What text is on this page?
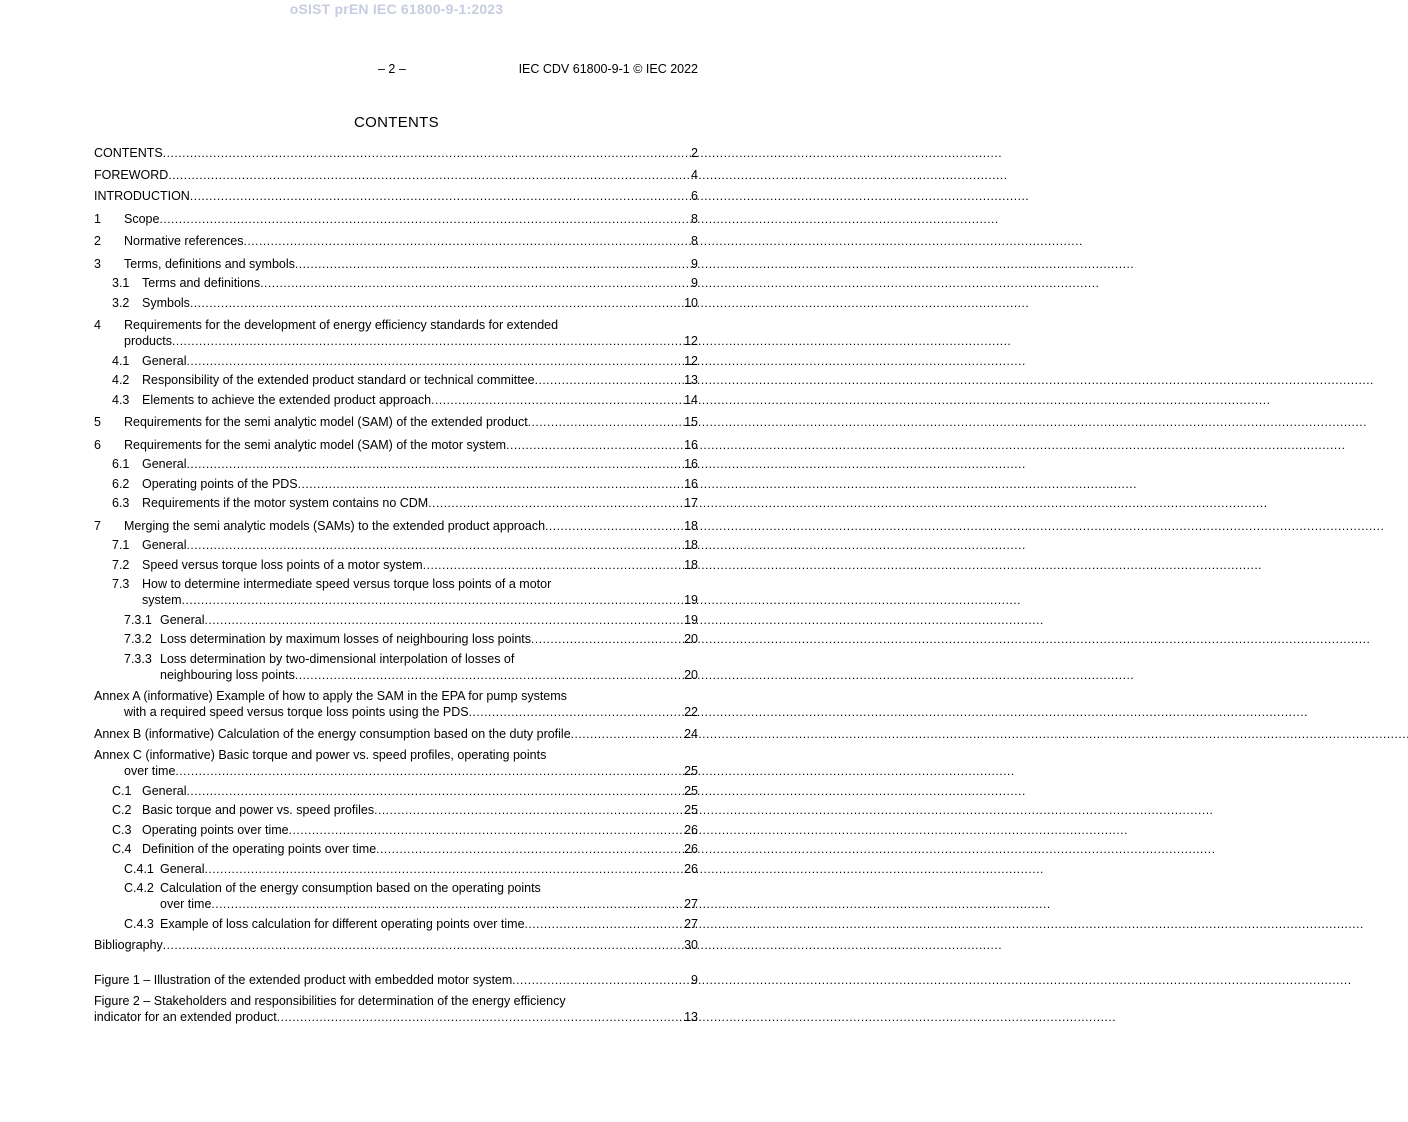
oSIST prEN IEC 61800-9-1:2023
– 2 –	IEC CDV 61800-9-1 © IEC 2022
CONTENTS
CONTENTS . . .	2
FOREWORD . . .	4
INTRODUCTION . . .	6
1	Scope . . .	8
2	Normative references . . .	8
3	Terms, definitions and symbols . . .	9
3.1	Terms and definitions . . .	9
3.2	Symbols . . .	10
4	Requirements for the development of energy efficiency standards for extended
products . . .	12
4.1	General . . .	12
4.2	Responsibility of the extended product standard or technical committee . . .	13
4.3	Elements to achieve the extended product approach . . .	14
5	Requirements for the semi analytic model (SAM) of the extended product . . .	15
6	Requirements for the semi analytic model (SAM) of the motor system . . .	16
6.1	General . . .	16
6.2	Operating points of the PDS . . .	16
6.3	Requirements if the motor system contains no CDM . . .	17
7	Merging the semi analytic models (SAMs) to the extended product approach . . .	18
7.1	General . . .	18
7.2	Speed versus torque loss points of a motor system . . .	18
7.3	How to determine intermediate speed versus torque loss points of a motor
system . . .	19
7.3.1 General . . .	19
7.3.2 Loss determination by maximum losses of neighbouring loss points . . .	20
7.3.3 Loss determination by two-dimensional interpolation of losses of
neighbouring loss points . . .	20
Annex A (informative) Example of how to apply the SAM in the EPA for pump systems
with a required speed versus torque loss points using the PDS . . .	22
Annex B (informative) Calculation of the energy consumption based on the duty profile . . .	24
Annex C (informative) Basic torque and power vs. speed profiles, operating points
over time . . .	25
C.1 General . . .	25
C.2 Basic torque and power vs. speed profiles . . .	25
C.3 Operating points over time . . .	26
C.4 Definition of the operating points over time . . .	26
C.4.1 General . . .	26
C.4.2 Calculation of the energy consumption based on the operating points
over time . . .	27
C.4.3 Example of loss calculation for different operating points over time . . .	27
Bibliography . . .	30
Figure 1 – Illustration of the extended product with embedded motor system . . .	9
Figure 2 – Stakeholders and responsibilities for determination of the energy efficiency
indicator for an extended product . . .	13
